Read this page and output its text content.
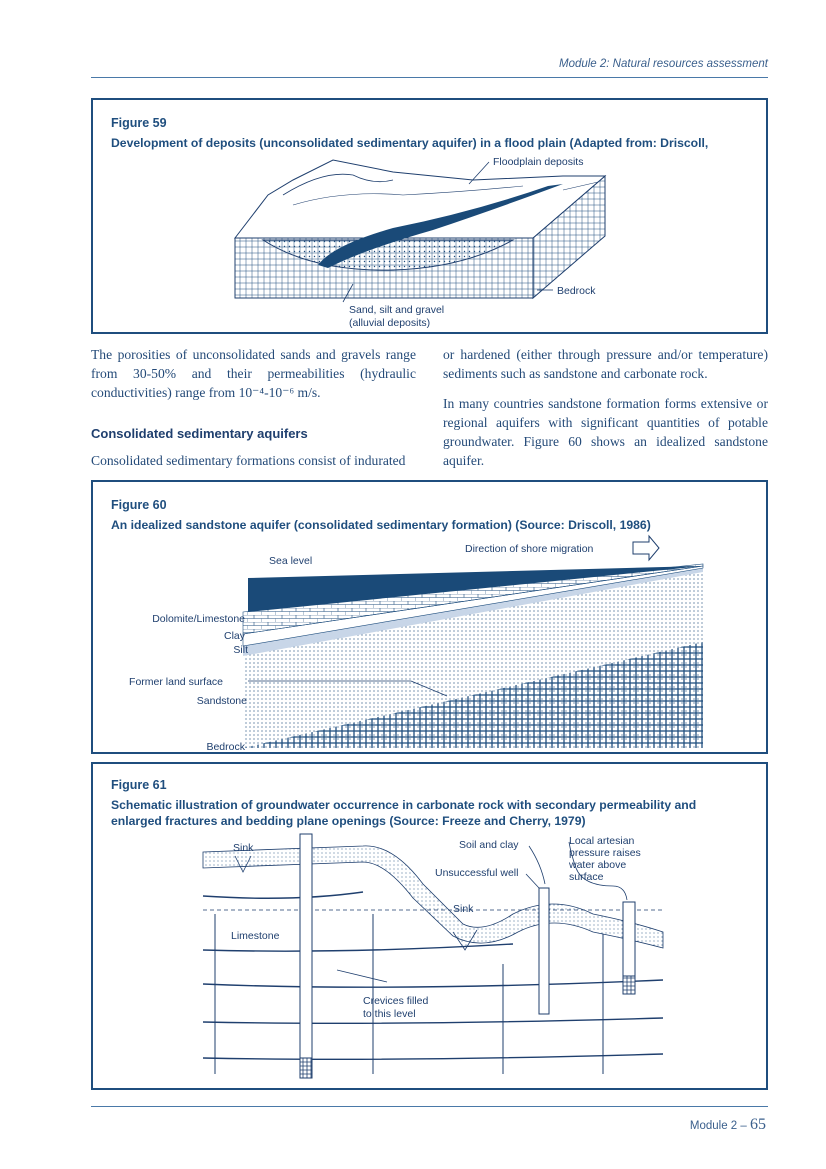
Module 2: Natural resources assessment
Figure 59
Development of deposits (unconsolidated sedimentary aquifer) in a flood plain (Adapted from: Driscoll,
Floodplain deposits
Bedrock
Sand, silt and gravel
(alluvial deposits)
The porosities of unconsolidated sands and gravels range from 30-50% and their permeabilities (hydraulic conductivities) range from 10⁻⁴-10⁻⁶ m/s.
Consolidated sedimentary aquifers
Consolidated sedimentary formations consist of indurated
or hardened (either through pressure and/or temperature) sediments such as sandstone and carbonate rock.
In many countries sandstone formation forms extensive or regional aquifers with significant quantities of potable groundwater. Figure 60 shows an idealized sandstone aquifer.
Figure 60
An idealized sandstone aquifer (consolidated sedimentary formation) (Source: Driscoll, 1986)
Direction of shore migration
Sea level
Dolomite/Limestone
Clay
Silt
Former land surface
Sandstone
Bedrock
Figure 61
Schematic illustration of groundwater occurrence in carbonate rock with secondary permeability and
enlarged fractures and bedding plane openings (Source: Freeze and Cherry, 1979)
Sink	Soil and clay
Unsuccessful well
Local artesian
pressure raises
water above
surface
Sink
Limestone
Crevices filled
to this level
Module 2 – 65
